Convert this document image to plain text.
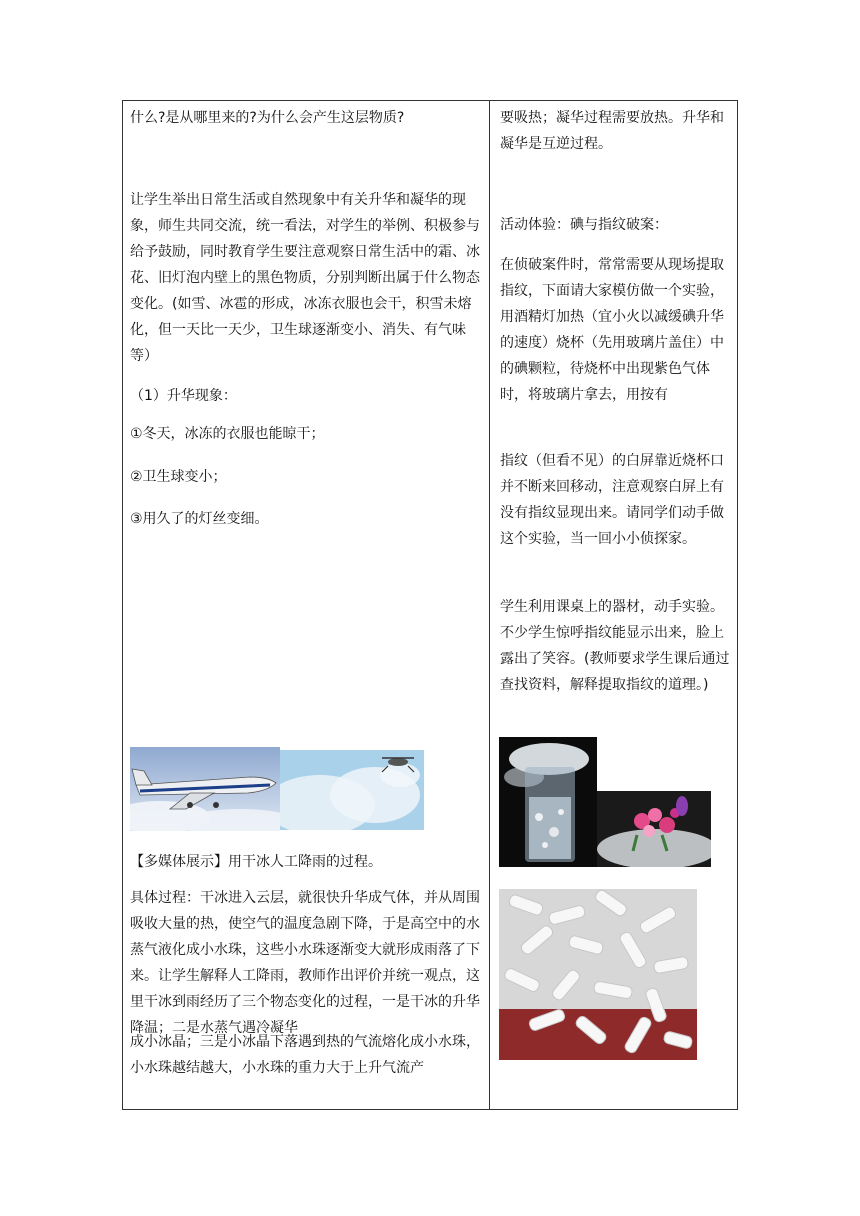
什么?是从哪里来的?为什么会产生这层物质?

让学生举出日常生活或自然现象中有关升华和凝华的现象，师生共同交流，统一看法，对学生的举例、积极参与给予鼓励，同时教育学生要注意观察日常生活中的霜、冰花、旧灯泡内壁上的黑色物质，分别判断出属于什么物态变化。(如雪、冰雹的形成，冰冻衣服也会干，积雪未熔化，但一天比一天少，卫生球逐渐变小、消失、有气味等）

（1）升华现象：

①冬天，冰冻的衣服也能晾干；

②卫生球变小；

③用久了的灯丝变细。

【多媒体展示】用干冰人工降雨的过程。

具体过程：干冰进入云层，就很快升华成气体，并从周围吸收大量的热，使空气的温度急剧下降，于是高空中的水蒸气液化成小水珠，这些小水珠逐渐变大就形成雨落了下来。让学生解释人工降雨，教师作出评价并统一观点，这里干冰到雨经历了三个物态变化的过程，一是干冰的升华降温；二是水蒸气遇冷凝华

成小冰晶；三是小冰晶下落遇到热的气流熔化成小水珠，小水珠越结越大，小水珠的重力大于上升气流产

要吸热；凝华过程需要放热。升华和凝华是互逆过程。

活动体验：碘与指纹破案：

在侦破案件时，常常需要从现场提取指纹，下面请大家模仿做一个实验，用酒精灯加热（宜小火以减缓碘升华的速度）烧杯（先用玻璃片盖住）中的碘颗粒，待烧杯中出现紫色气体时，将玻璃片拿去，用按有

指纹（但看不见）的白屏靠近烧杯口并不断来回移动，注意观察白屏上有没有指纹显现出来。请同学们动手做这个实验，当一回小小侦探家。

学生利用课桌上的器材，动手实验。不少学生惊呼指纹能显示出来，脸上露出了笑容。(教师要求学生课后通过查找资料，解释提取指纹的道理。)
